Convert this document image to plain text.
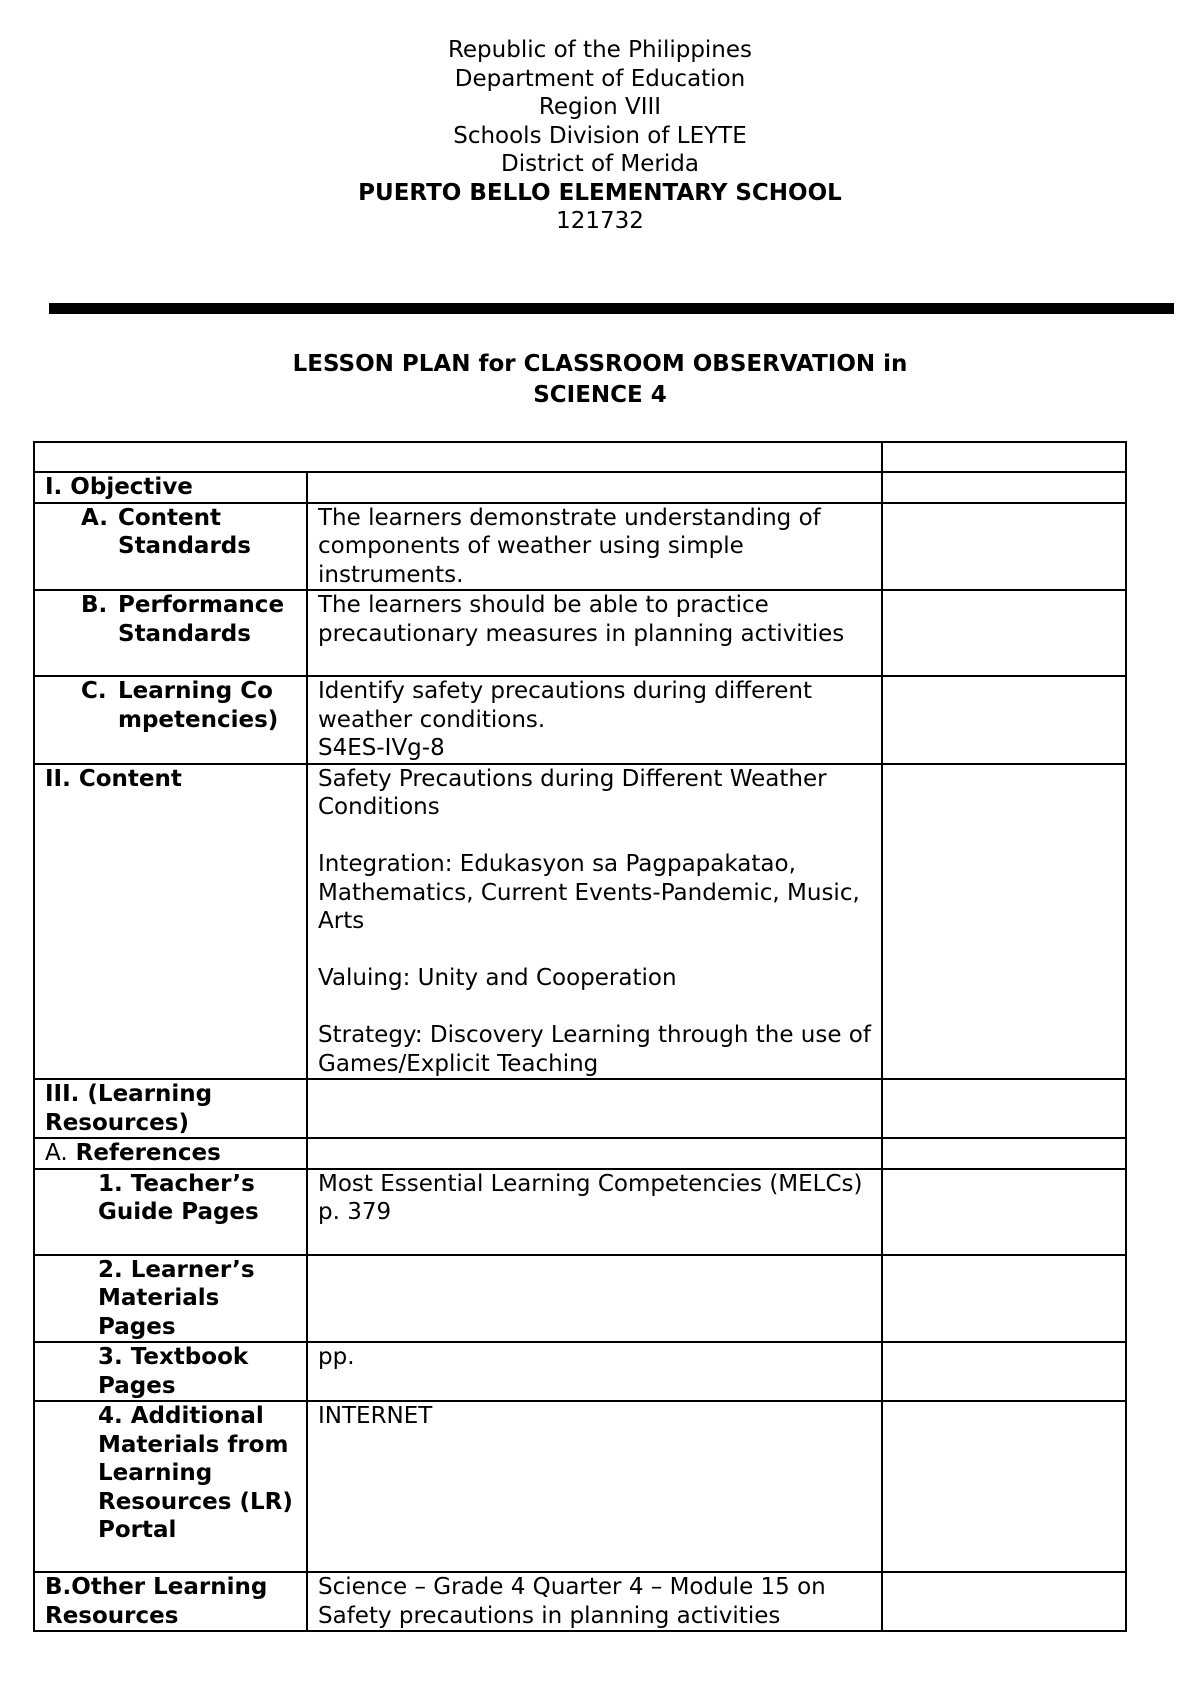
Republic of the Philippines
Department of Education
Region VIII
Schools Division of LEYTE
District of Merida
PUERTO BELLO ELEMENTARY SCHOOL
121732
LESSON PLAN for CLASSROOM OBSERVATION in
SCIENCE 4

I. Objective		

A. Content Standards	The learners demonstrate understanding of components of weather using simple instruments.	

B. Performance Standards	The learners should be able to practice precautionary measures in planning activities	

C. Learning Competencies)	Identify safety precautions during different weather conditions.
S4ES-IVg-8	
II. Content	Safety Precautions during Different Weather Conditions

Integration: Edukasyon sa Pagpapakatao, Mathematics, Current Events-Pandemic, Music, Arts

Valuing: Unity and Cooperation

Strategy: Discovery Learning through the use of Games/Explicit Teaching	
III. (Learning Resources)		
A. References		

1. Teacher’s Guide Pages	Most Essential Learning Competencies (MELCs) p. 379	

2. Learner’s Materials Pages		

3. Textbook Pages	pp.	

4. Additional Materials from Learning Resources (LR) Portal	INTERNET	
B.Other Learning Resources	Science – Grade 4 Quarter 4 – Module 15 on Safety precautions in planning activities	
